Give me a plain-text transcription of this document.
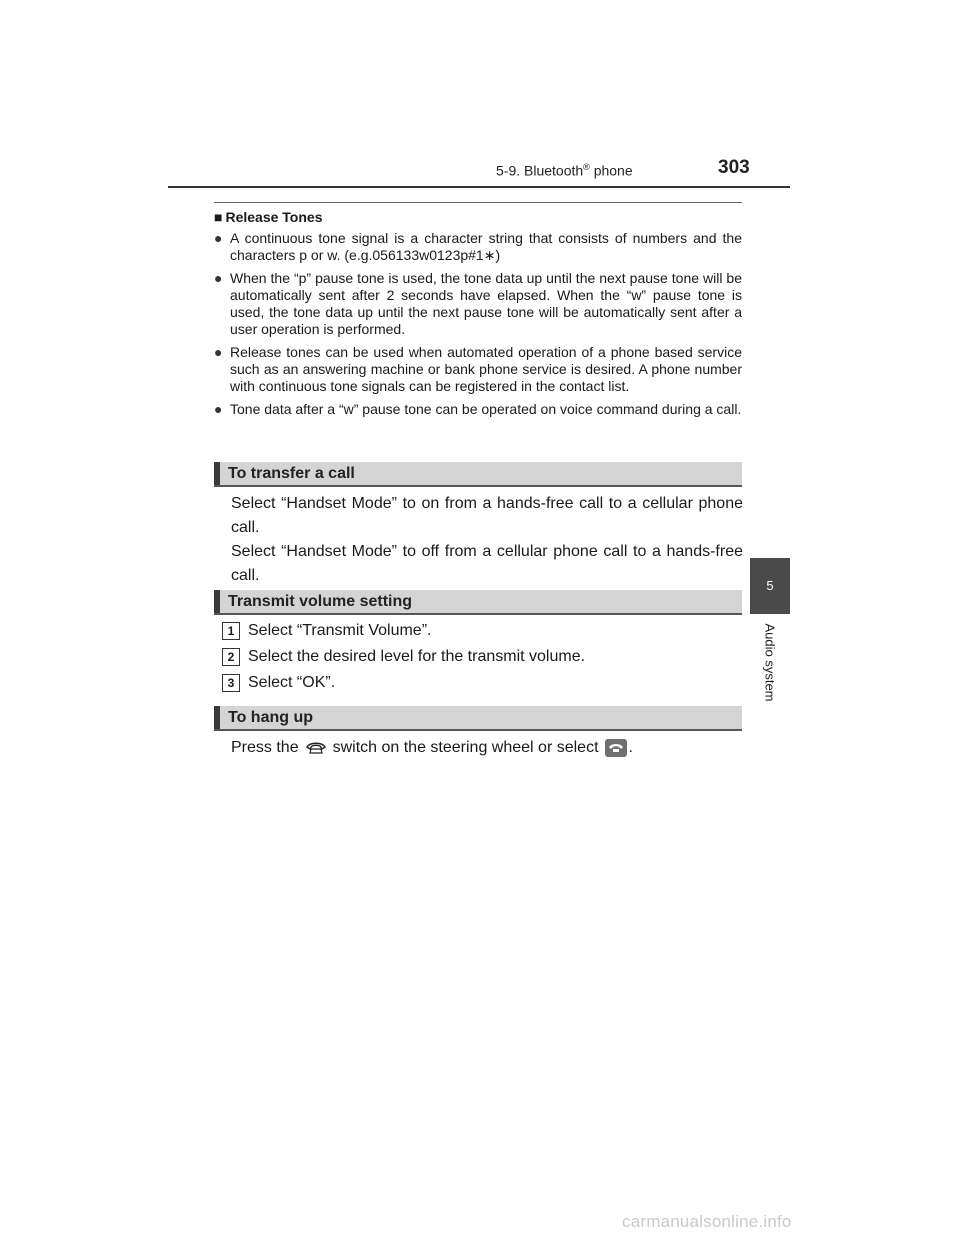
5-9. Bluetooth® phone	303
5
Audio system
■ Release Tones
● A continuous tone signal is a character string that consists of numbers and the characters p or w. (e.g.056133w0123p#1∗)
● When the “p” pause tone is used, the tone data up until the next pause tone will be automatically sent after 2 seconds have elapsed. When the “w” pause tone is used, the tone data up until the next pause tone will be automatically sent after a user operation is performed.
● Release tones can be used when automated operation of a phone based service such as an answering machine or bank phone service is desired. A phone number with continuous tone signals can be registered in the contact list.
● Tone data after a “w” pause tone can be operated on voice command during a call.
To transfer a call

Select “Handset Mode” to on from a hands-free call to a cellular phone call.

Select “Handset Mode” to off from a cellular phone call to a hands-free call.

Transmit volume setting
1 Select “Transmit Volume”.
2 Select the desired level for the transmit volume.
3 Select “OK”.
To hang up
Press the switch on the steering wheel or select .
carmanualsonline.info
